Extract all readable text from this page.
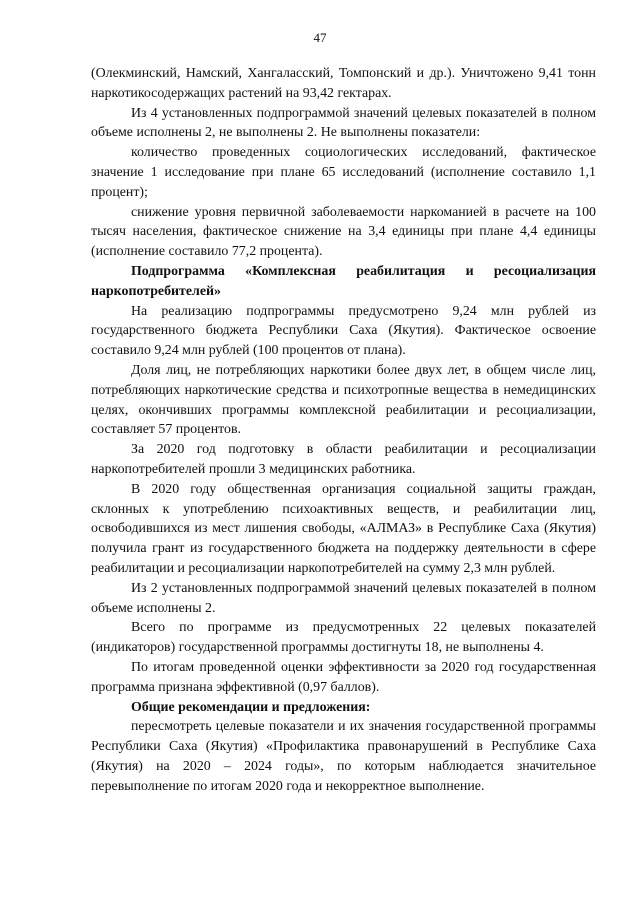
47

(Олекминский, Намский, Хангаласский, Томпонский и др.). Уничтожено 9,41 тонн наркотикосодержащих растений на 93,42 гектарах.

Из 4 установленных подпрограммой значений целевых показателей в полном объеме исполнены 2, не выполнены 2. Не выполнены показатели:

количество проведенных социологических исследований, фактическое значение 1 исследование при плане 65 исследований (исполнение составило 1,1 процент);

снижение уровня первичной заболеваемости наркоманией в расчете на 100 тысяч населения, фактическое снижение на 3,4 единицы при плане 4,4 единицы (исполнение составило 77,2 процента).

Подпрограмма «Комплексная реабилитация и ресоциализация наркопотребителей»

На реализацию подпрограммы предусмотрено 9,24 млн рублей из государственного бюджета Республики Саха (Якутия). Фактическое освоение составило 9,24 млн рублей (100 процентов от плана).

Доля лиц, не потребляющих наркотики более двух лет, в общем числе лиц, потребляющих наркотические средства и психотропные вещества в немедицинских целях, окончивших программы комплексной реабилитации и ресоциализации, составляет 57 процентов.

За 2020 год подготовку в области реабилитации и ресоциализации наркопотребителей прошли 3 медицинских работника.

В 2020 году общественная организация социальной защиты граждан, склонных к употреблению психоактивных веществ, и реабилитации лиц, освободившихся из мест лишения свободы, «АЛМАЗ» в Республике Саха (Якутия) получила грант из государственного бюджета на поддержку деятельности в сфере реабилитации и ресоциализации наркопотребителей на сумму 2,3 млн рублей.

Из 2 установленных подпрограммой значений целевых показателей в полном объеме исполнены 2.

Всего по программе из предусмотренных 22 целевых показателей (индикаторов) государственной программы достигнуты 18, не выполнены 4.

По итогам проведенной оценки эффективности за 2020 год государственная программа признана эффективной (0,97 баллов).

Общие рекомендации и предложения:

пересмотреть целевые показатели и их значения государственной программы Республики Саха (Якутия) «Профилактика правонарушений в Республике Саха (Якутия) на 2020 – 2024 годы», по которым наблюдается значительное перевыполнение по итогам 2020 года и некорректное выполнение.
